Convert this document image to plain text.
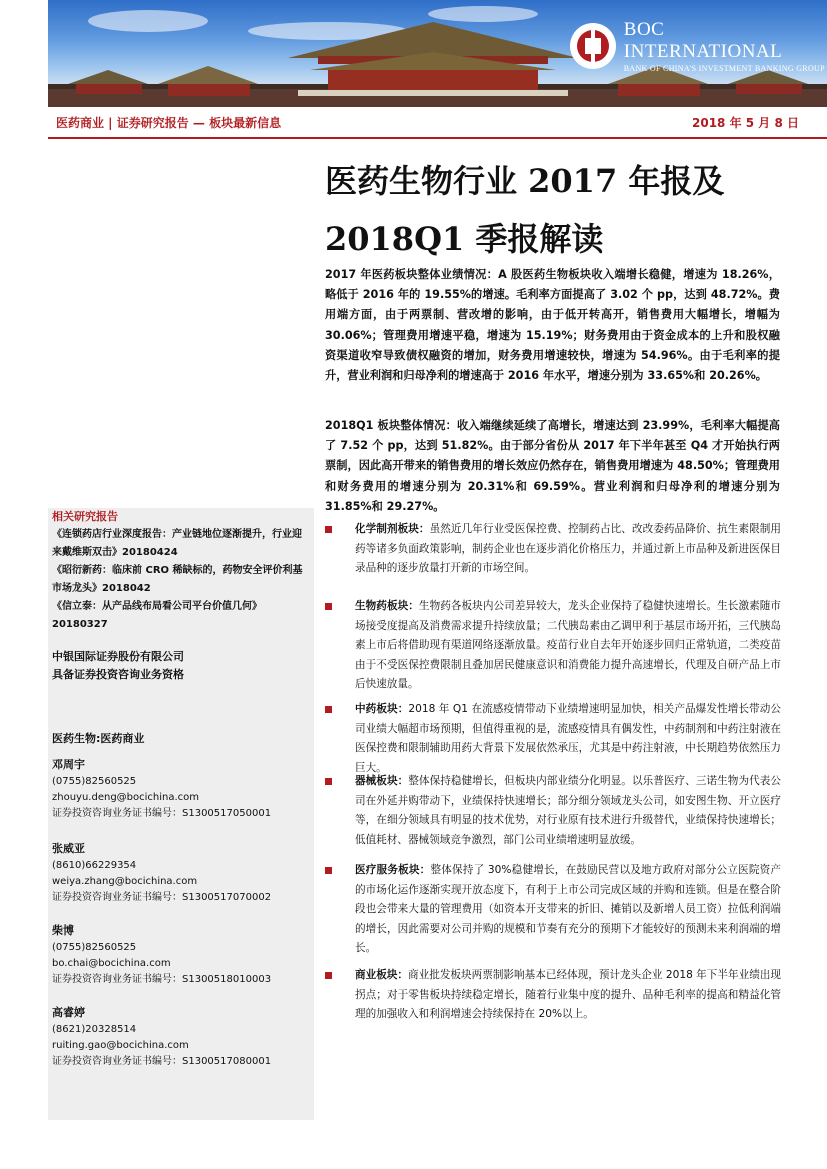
BOC INTERNATIONAL
BANK OF CHINA'S INVESTMENT BANKING GROUP
医药商业 | 证券研究报告 — 板块最新信息	2018 年 5 月 8 日
医药生物行业 2017 年报及
2018Q1 季报解读
2017 年医药板块整体业绩情况：A 股医药生物板块收入端增长稳健，增速为 18.26%，略低于 2016 年的 19.55%的增速。毛利率方面提高了 3.02 个 pp，达到 48.72%。费用端方面，由于两票制、营改增的影响，由于低开转高开，销售费用大幅增长，增幅为 30.06%；管理费用增速平稳，增速为 15.19%；财务费用由于资金成本的上升和股权融资渠道收窄导致债权融资的增加，财务费用增速较快，增速为 54.96%。由于毛利率的提升，营业利润和归母净利的增速高于 2016 年水平，增速分别为 33.65%和 20.26%。
2018Q1 板块整体情况：收入端继续延续了高增长，增速达到 23.99%，毛利率大幅提高了 7.52 个 pp，达到 51.82%。由于部分省份从 2017 年下半年甚至 Q4 才开始执行两票制，因此高开带来的销售费用的增长效应仍然存在，销售费用增速为 48.50%；管理费用和财务费用的增速分别为 20.31%和 69.59%。营业利润和归母净利的增速分别为 31.85%和 29.27%。
化学制剂板块：虽然近几年行业受医保控费、控制药占比、改改委药品降价、抗生素限制用药等诸多负面政策影响，制药企业也在逐步消化价格压力，并通过新上市品种及新进医保目录品种的逐步放量打开新的市场空间。
生物药板块：生物药各板块内公司差异较大，龙头企业保持了稳健快速增长。生长激素随市场接受度提高及消费需求提升持续放量；二代胰岛素由乙调甲利于基层市场开拓，三代胰岛素上市后将借助现有渠道网络逐渐放量。疫苗行业自去年开始逐步回归正常轨道，二类疫苗由于不受医保控费限制且叠加居民健康意识和消费能力提升高速增长，代理及自研产品上市后快速放量。
中药板块：2018 年 Q1 在流感疫情带动下业绩增速明显加快，相关产品爆发性增长带动公司业绩大幅超市场预期，但值得重视的是，流感疫情具有偶发性，中药制剂和中药注射液在医保控费和限制辅助用药大背景下发展依然承压，尤其是中药注射液，中长期趋势依然压力巨大。
器械板块：整体保持稳健增长，但板块内部业绩分化明显。以乐普医疗、三诺生物为代表公司在外延并购带动下，业绩保持快速增长；部分细分领域龙头公司，如安图生物、开立医疗等，在细分领域具有明显的技术优势，对行业原有技术进行升级替代，业绩保持快速增长；低值耗材、器械领域竞争激烈，部门公司业绩增速明显放缓。
医疗服务板块：整体保持了 30%稳健增长，在鼓励民营以及地方政府对部分公立医院资产的市场化运作逐渐实现开放态度下，有利于上市公司完成区域的并购和连锁。但是在整合阶段也会带来大量的管理费用（如资本开支带来的折旧、摊销以及新增人员工资）拉低利润端的增长，因此需要对公司并购的规模和节奏有充分的预期下才能较好的预测未来利润端的增长。
商业板块：商业批发板块两票制影响基本已经体现，预计龙头企业 2018 年下半年业绩出现拐点；对于零售板块持续稳定增长，随着行业集中度的提升、品种毛利率的提高和精益化管理的加强收入和利润增速会持续保持在 20%以上。
相关研究报告
《连锁药店行业深度报告：产业链地位逐渐提升，行业迎来戴维斯双击》20180424
《昭衍新药：临床前 CRO 稀缺标的，药物安全评价利基市场龙头》2018042
《信立泰：从产品线布局看公司平台价值几何》20180327
中银国际证券股份有限公司
具备证券投资咨询业务资格
医药生物:医药商业
邓周宇
(0755)82560525
zhouyu.deng@bocichina.com
证券投资咨询业务证书编号：S1300517050001
张威亚
(8610)66229354
weiya.zhang@bocichina.com
证券投资咨询业务证书编号：S1300517070002
柴博
(0755)82560525
bo.chai@bocichina.com
证券投资咨询业务证书编号：S1300518010003
高睿婷
(8621)20328514
ruiting.gao@bocichina.com
证券投资咨询业务证书编号：S1300517080001
